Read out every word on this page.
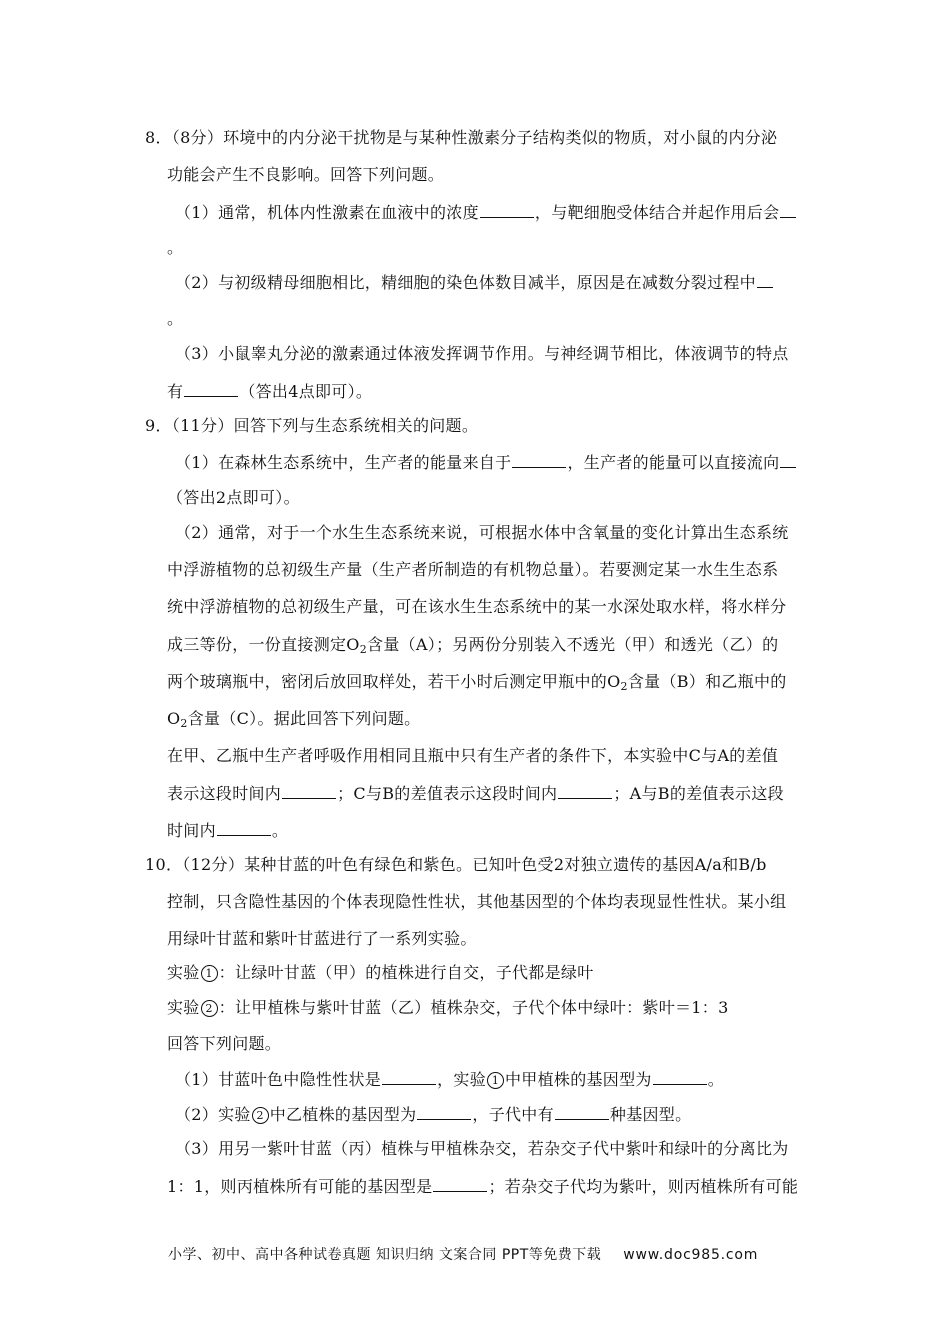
8．（8分）环境中的内分泌干扰物是与某种性激素分子结构类似的物质，对小鼠的内分泌
功能会产生不良影响。回答下列问题。
（1）通常，机体内性激素在血液中的浓度	，与靶细胞受体结合并起作用后会
。
（2）与初级精母细胞相比，精细胞的染色体数目减半，原因是在减数分裂过程中
。
（3）小鼠睾丸分泌的激素通过体液发挥调节作用。与神经调节相比，体液调节的特点
有	（答出4点即可）。
9．（11分）回答下列与生态系统相关的问题。
（1）在森林生态系统中，生产者的能量来自于	，生产者的能量可以直接流向
（答出2点即可）。
（2）通常，对于一个水生生态系统来说，可根据水体中含氧量的变化计算出生态系统
中浮游植物的总初级生产量（生产者所制造的有机物总量）。若要测定某一水生生态系
统中浮游植物的总初级生产量，可在该水生生态系统中的某一水深处取水样，将水样分
成三等份，一份直接测定$O_2$含量（A）；另两份分别装入不透光（甲）和透光（乙）的
两个玻璃瓶中，密闭后放回取样处，若干小时后测定甲瓶中的$O_2$含量（B）和乙瓶中的
$O_2$含量（C）。据此回答下列问题。
在甲、乙瓶中生产者呼吸作用相同且瓶中只有生产者的条件下，本实验中C与A的差值
表示这段时间内	；C与B的差值表示这段时间内	；A与B的差值表示这段
时间内	。
10．（12分）某种甘蓝的叶色有绿色和紫色。已知叶色受2对独立遗传的基因A/a和B/b
控制，只含隐性基因的个体表现隐性性状，其他基因型的个体均表现显性性状。某小组
用绿叶甘蓝和紫叶甘蓝进行了一系列实验。
实验 1 ：让绿叶甘蓝（甲）的植株进行自交，子代都是绿叶
实验 2 ：让甲植株与紫叶甘蓝（乙）植株杂交，子代个体中绿叶：紫叶＝1：3
回答下列问题。
（1）甘蓝叶色中隐性性状是	，实验 1 中甲植株的基因型为	。
（2）实验 2 中乙植株的基因型为	，子代中有	种基因型。
（3）用另一紫叶甘蓝（丙）植株与甲植株杂交，若杂交子代中紫叶和绿叶的分离比为
1：1，则丙植株所有可能的基因型是	；若杂交子代均为紫叶，则丙植株所有可能
小学、初中、高中各种试卷真题 知识归纳 文案合同 PPT等免费下载 www.doc985.com
